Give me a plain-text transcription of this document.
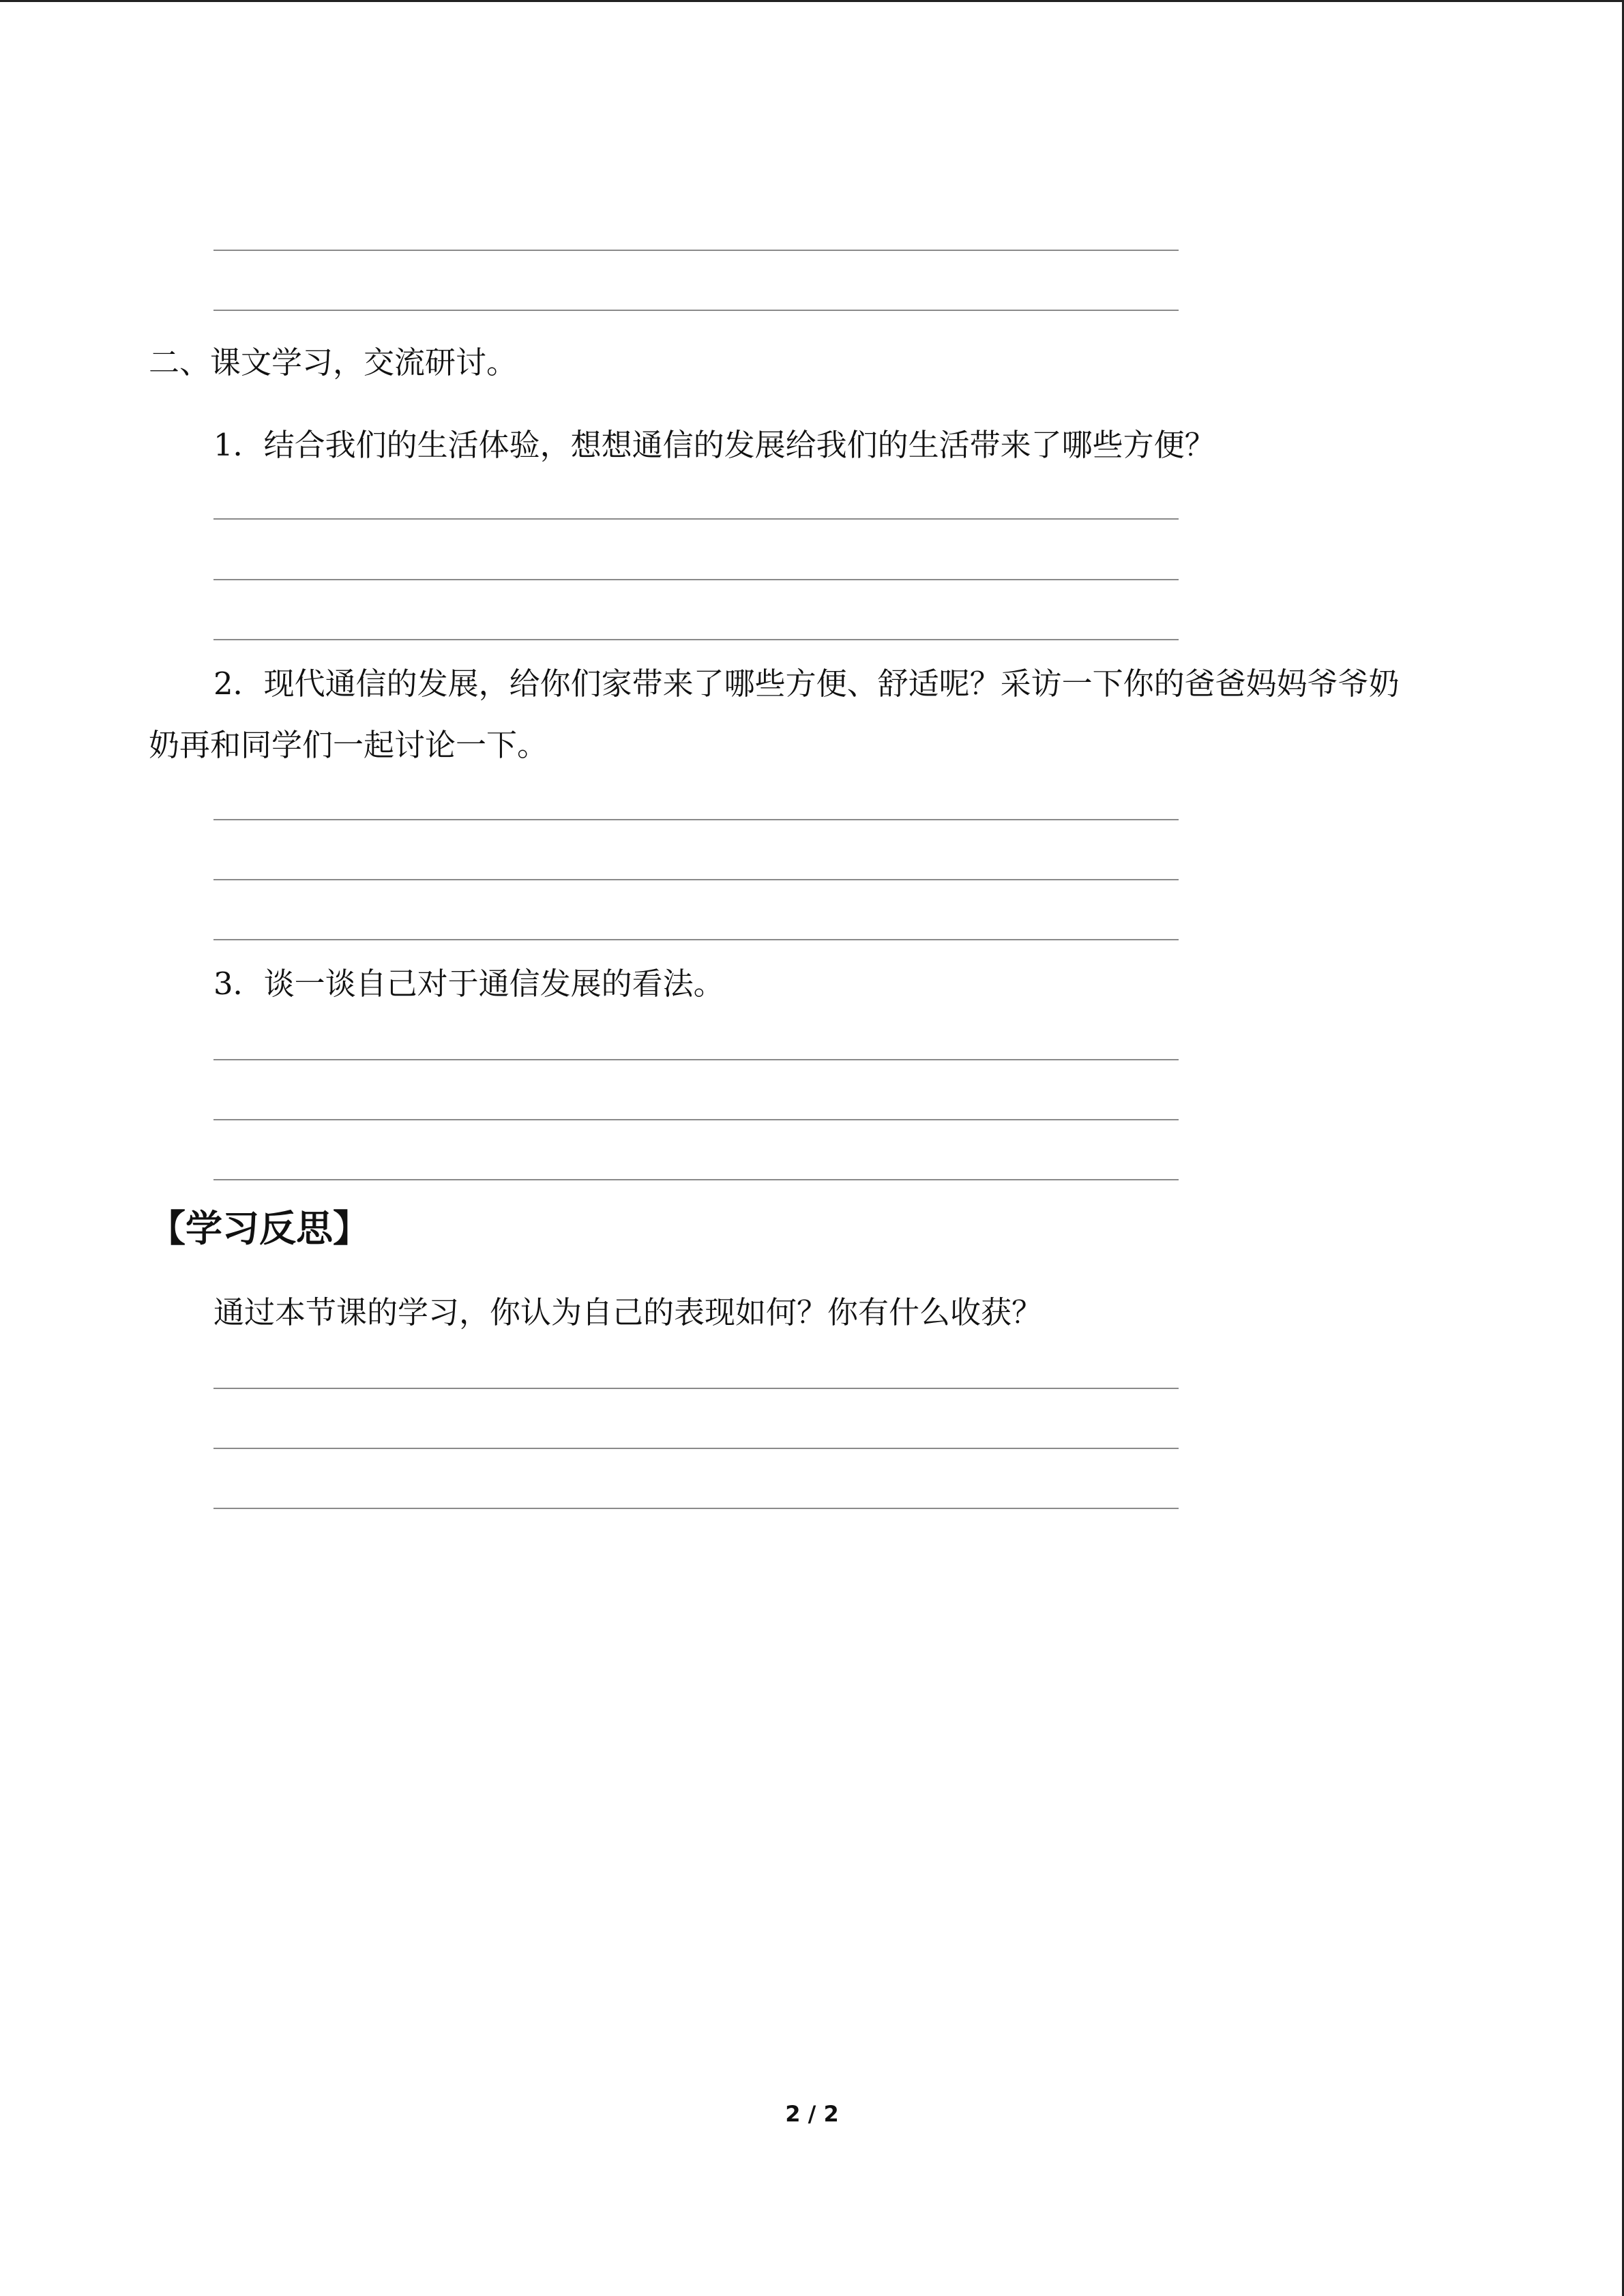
二、课文学习，交流研讨。
1．结合我们的生活体验，想想通信的发展给我们的生活带来了哪些方便？
2．现代通信的发展，给你们家带来了哪些方便、舒适呢？采访一下你的爸爸妈妈爷爷奶
奶再和同学们一起讨论一下。
3．谈一谈自己对于通信发展的看法。
【学习反思】
通过本节课的学习，你认为自己的表现如何？你有什么收获？
2 / 2
